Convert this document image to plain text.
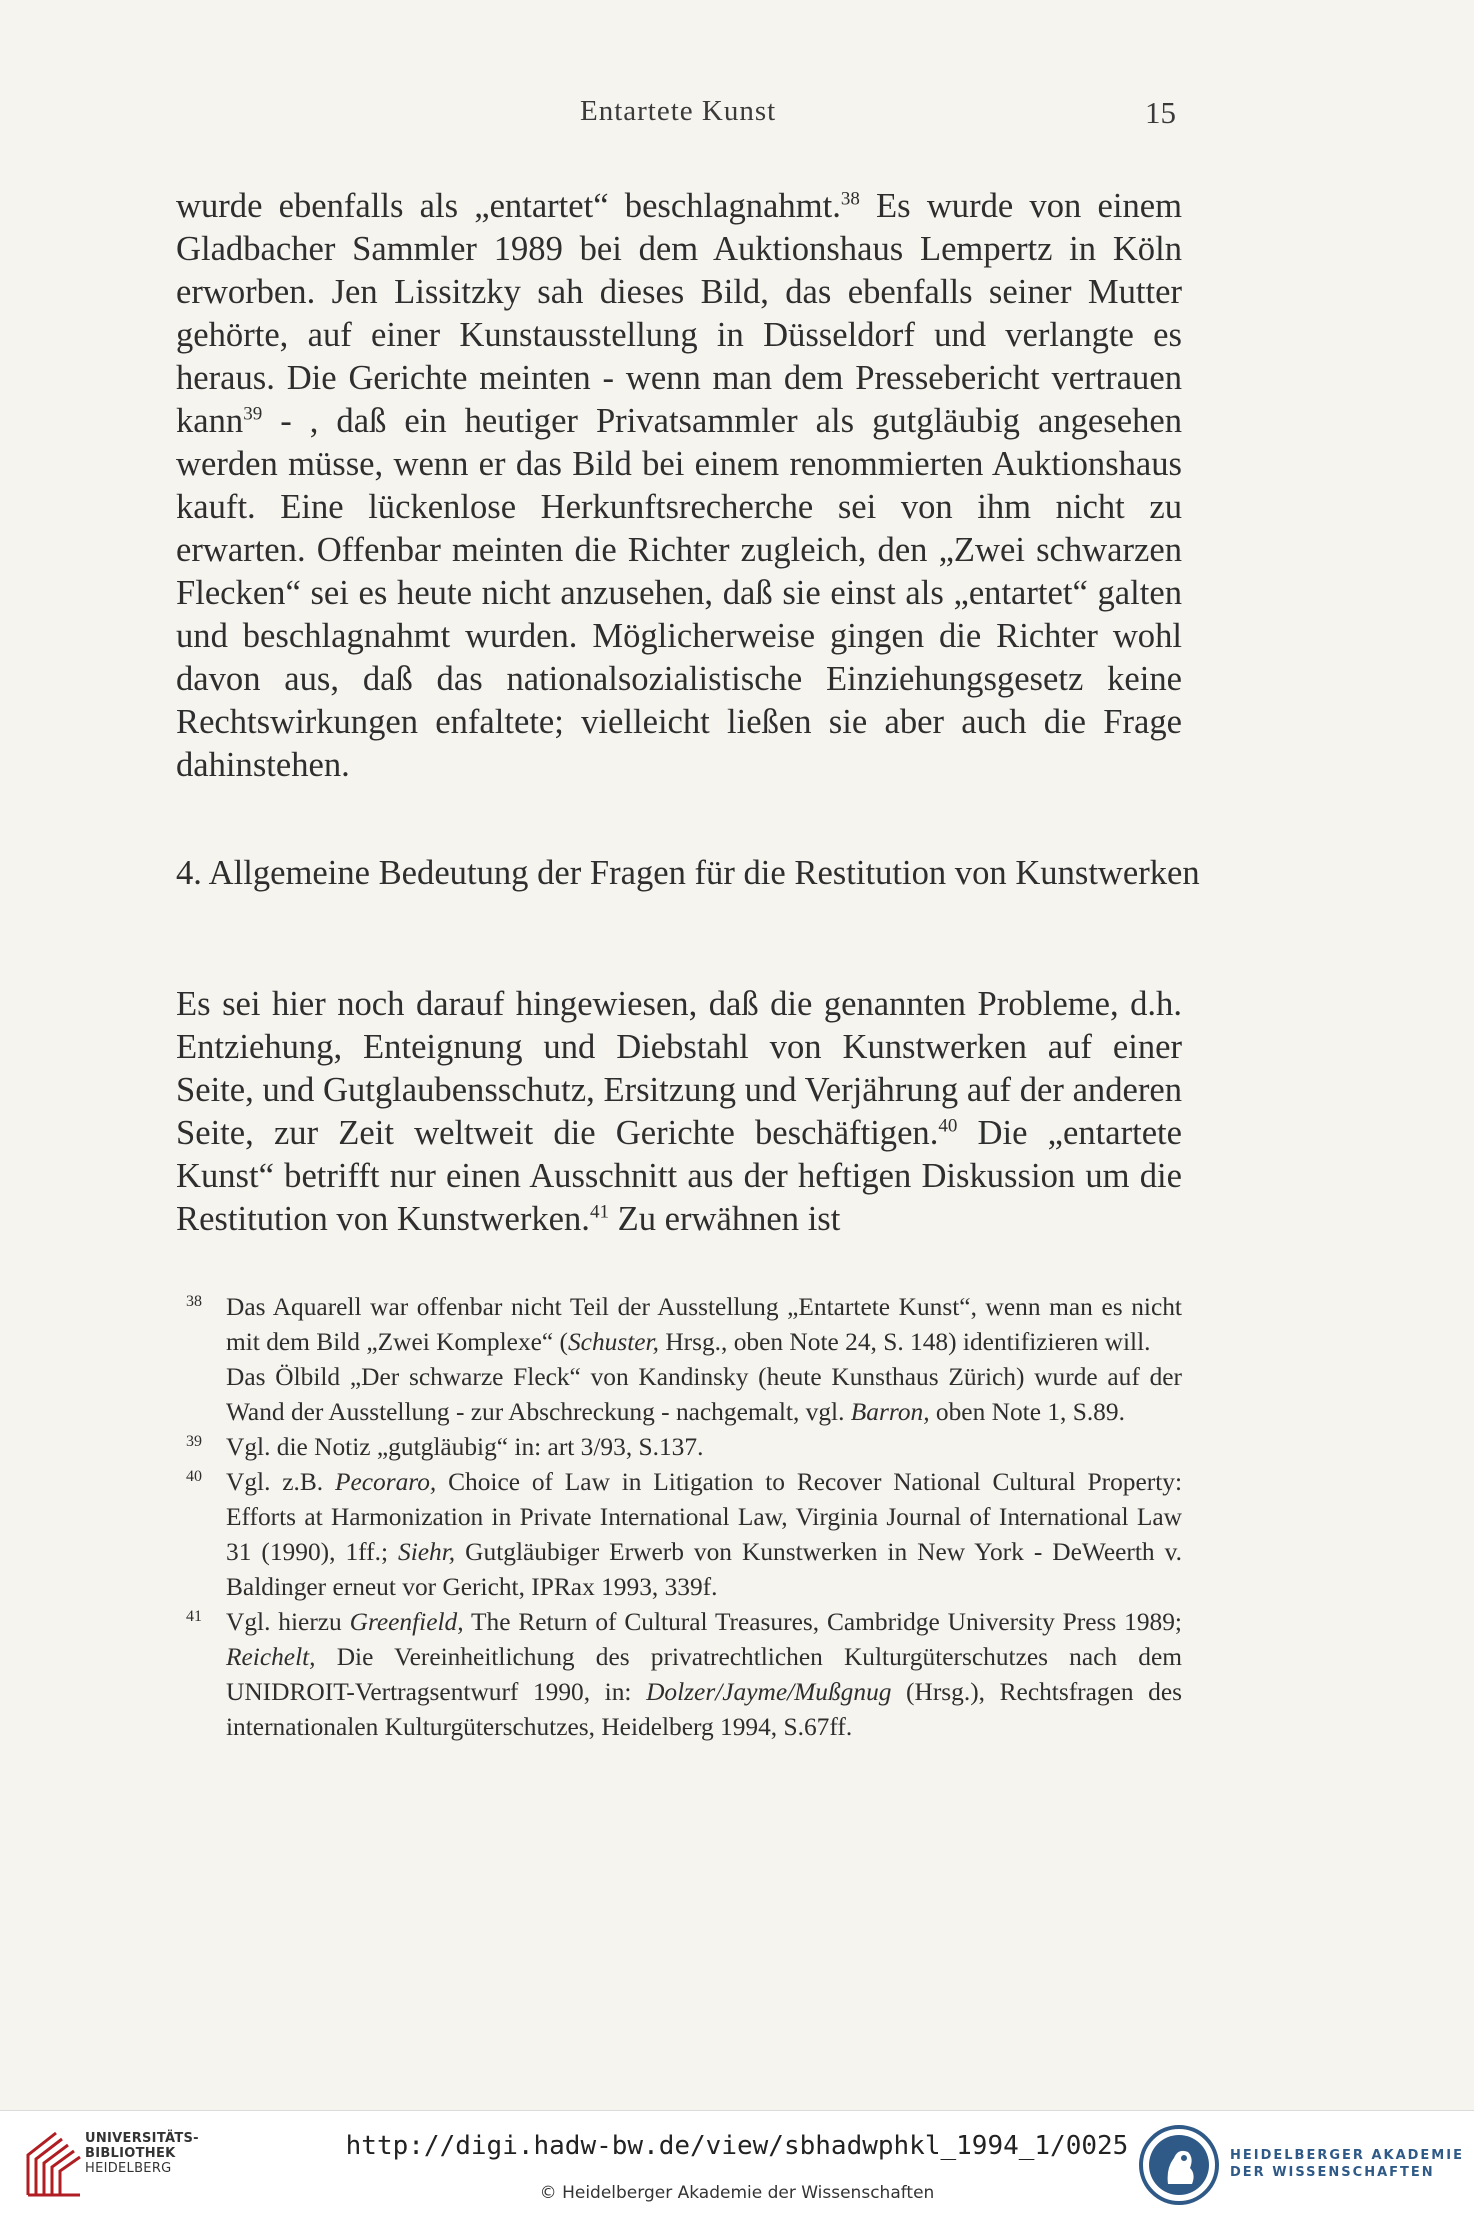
Entartete Kunst	15

wurde ebenfalls als „entartet“ beschlagnahmt.$^{38}$ Es wurde von einem Gladbacher Sammler 1989 bei dem Auktionshaus Lempertz in Köln erworben. Jen Lissitzky sah dieses Bild, das ebenfalls seiner Mutter gehörte, auf einer Kunstausstellung in Düsseldorf und verlangte es heraus. Die Gerichte meinten - wenn man dem Pressebericht vertrauen kann$^{39}$ - , daß ein heutiger Privatsammler als gutgläubig angesehen werden müsse, wenn er das Bild bei einem renommierten Auktionshaus kauft. Eine lückenlose Herkunftsrecherche sei von ihm nicht zu erwarten. Offenbar meinten die Richter zugleich, den „Zwei schwarzen Flecken“ sei es heute nicht anzusehen, daß sie einst als „entartet“ galten und beschlagnahmt wurden. Möglicherweise gingen die Richter wohl davon aus, daß das nationalsozialistische Einziehungsgesetz keine Rechtswirkungen enfaltete; vielleicht ließen sie aber auch die Frage dahinstehen.

4. Allgemeine Bedeutung der Fragen für die Restitution von Kunstwerken

Es sei hier noch darauf hingewiesen, daß die genannten Probleme, d.h. Entziehung, Enteignung und Diebstahl von Kunstwerken auf einer Seite, und Gutglaubensschutz, Ersitzung und Verjährung auf der anderen Seite, zur Zeit weltweit die Gerichte beschäftigen.$^{40}$ Die „entartete Kunst“ betrifft nur einen Ausschnitt aus der heftigen Diskussion um die Restitution von Kunstwerken.$^{41}$ Zu erwähnen ist

38 Das Aquarell war offenbar nicht Teil der Ausstellung „Entartete Kunst“, wenn man es nicht mit dem Bild „Zwei Komplexe“ (Schuster, Hrsg., oben Note 24, S. 148) identifizieren will.

Das Ölbild „Der schwarze Fleck“ von Kandinsky (heute Kunsthaus Zürich) wurde auf der Wand der Ausstellung - zur Abschreckung - nachgemalt, vgl. Barron, oben Note 1, S.89.

39 Vgl. die Notiz „gutgläubig“ in: art 3/93, S.137.

40 Vgl. z.B. Pecoraro, Choice of Law in Litigation to Recover National Cultural Property: Efforts at Harmonization in Private International Law, Virginia Journal of International Law 31 (1990), 1ff.; Siehr, Gutgläubiger Erwerb von Kunstwerken in New York - DeWeerth v. Baldinger erneut vor Gericht, IPRax 1993, 339f.

41 Vgl. hierzu Greenfield, The Return of Cultural Treasures, Cambridge University Press 1989; Reichelt, Die Vereinheitlichung des privatrechtlichen Kulturgüterschutzes nach dem UNIDROIT-Vertragsentwurf 1990, in: Dolzer/Jayme/Mußgnug (Hrsg.), Rechtsfragen des internationalen Kulturgüterschutzes, Heidelberg 1994, S.67ff.

UNIVERSITÄTS-
BIBLIOTHEK
HEIDELBERG
http://digi.hadw-bw.de/view/sbhadwphkl_1994_1/0025
© Heidelberger Akademie der Wissenschaften
HEIDELBERGER AKADEMIE
DER WISSENSCHAFTEN
